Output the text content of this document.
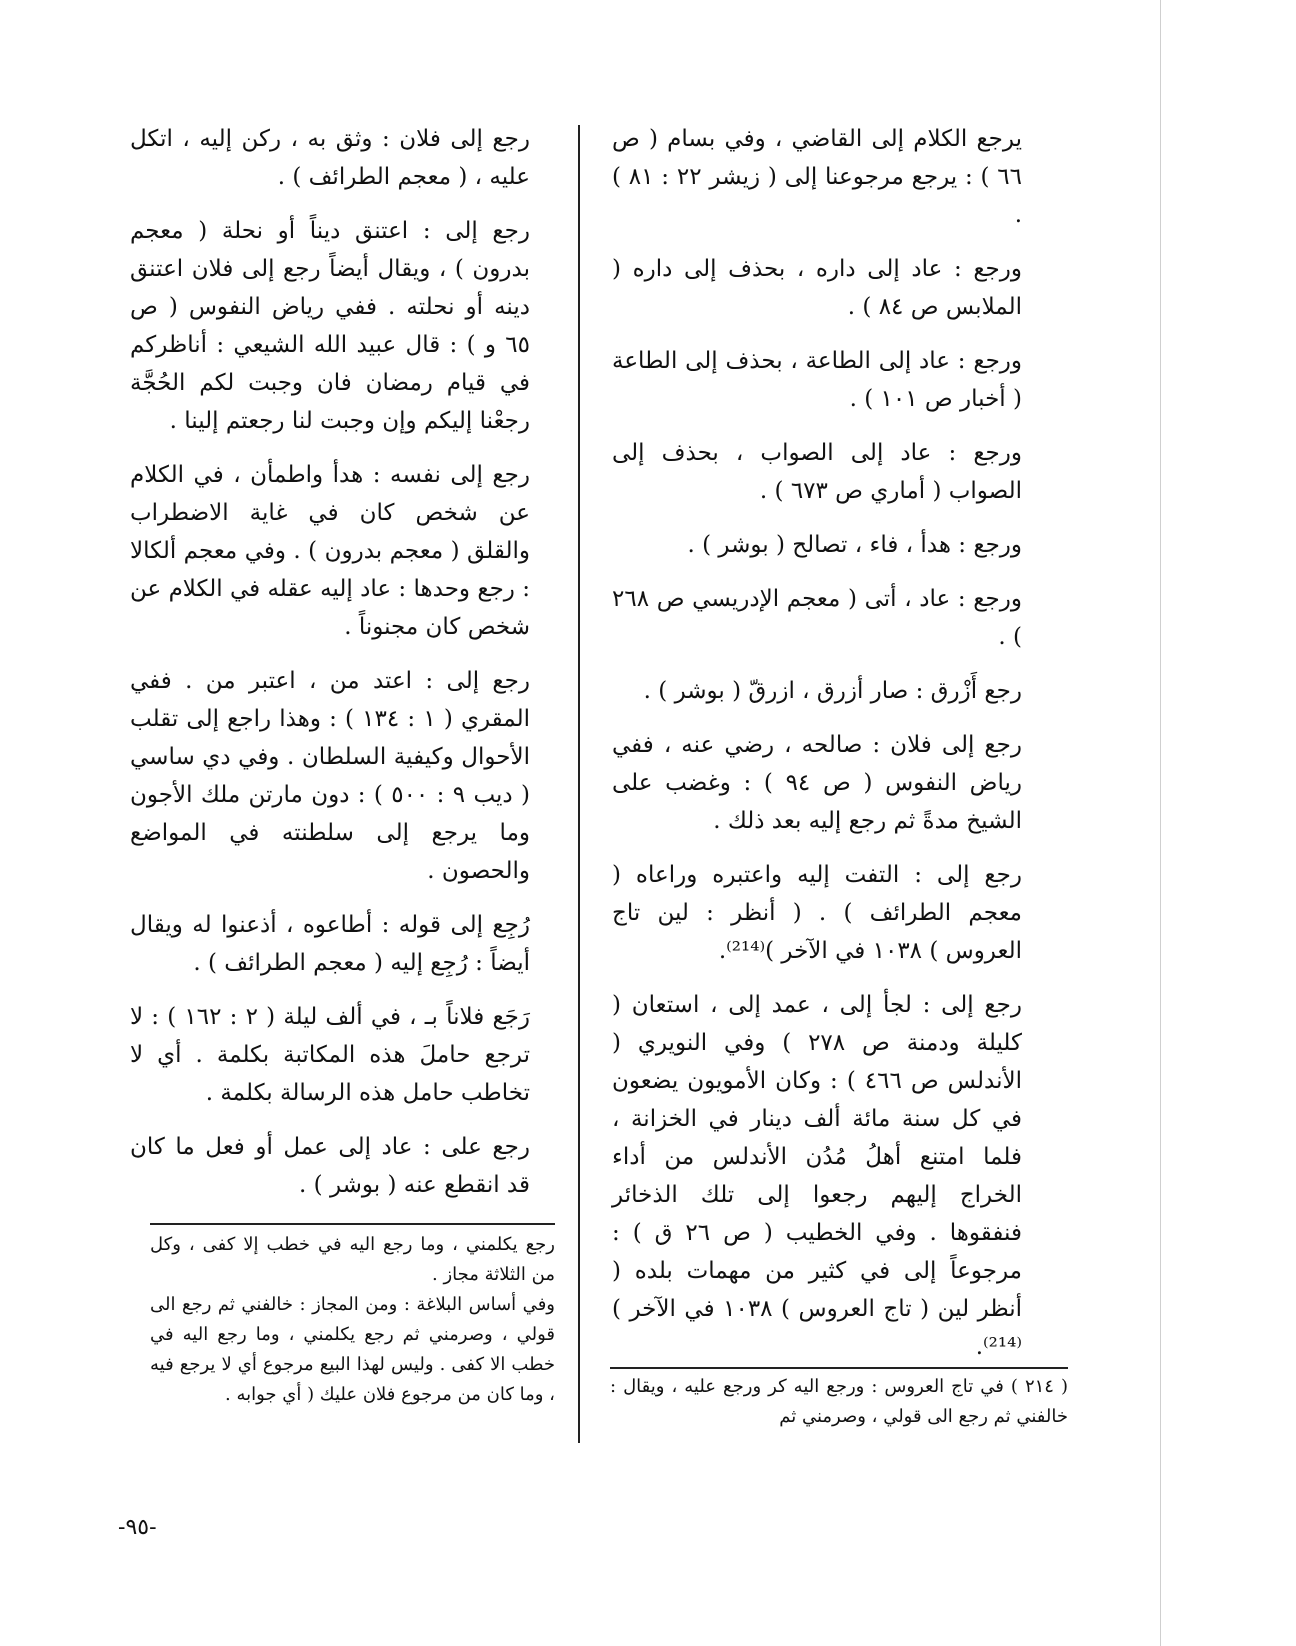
يرجع الكلام إلى القاضي ، وفي بسام ( ص ٦٦ ) : يرجع مرجوعنا إلى ( زيشر ٢٢ : ٨١ ) .

ورجع : عاد إلى داره ، بحذف إلى داره ( الملابس ص ٨٤ ) .

ورجع : عاد إلى الطاعة ، بحذف إلى الطاعة ( أخبار ص ١٠١ ) .

ورجع : عاد إلى الصواب ، بحذف إلى الصواب ( أماري ص ٦٧٣ ) .

ورجع : هدأ ، فاء ، تصالح ( بوشر ) .

ورجع : عاد ، أتى ( معجم الإدريسي ص ٢٦٨ ) .

رجع أَزْرق : صار أزرق ، ازرقّ ( بوشر ) .

رجع إلى فلان : صالحه ، رضي عنه ، ففي رياض النفوس ( ص ٩٤ ) : وغضب على الشيخ مدةً ثم رجع إليه بعد ذلك .

رجع إلى : التفت إليه واعتبره وراعاه ( معجم الطرائف ) . ( أنظر : لين تاج العروس ) ١٠٣٨ في الآخر )⁽²¹⁴⁾.

رجع إلى : لجأ إلى ، عمد إلى ، استعان ( كليلة ودمنة ص ٢٧٨ ) وفي النويري ( الأندلس ص ٤٦٦ ) : وكان الأمويون يضعون في كل سنة مائة ألف دينار في الخزانة ، فلما امتنع أهلُ مُدُن الأندلس من أداء الخراج إليهم رجعوا إلى تلك الذخائر فنفقوها . وفي الخطيب ( ص ٢٦ ق ) : مرجوعاً إلى في كثير من مهمات بلده ( أنظر لين ( تاج العروس ) ١٠٣٨ في الآخر )⁽²¹⁴⁾.

رجع إلى فلان : وثق به ، ركن إليه ، اتكل عليه ، ( معجم الطرائف ) .

رجع إلى : اعتنق ديناً أو نحلة ( معجم بدرون ) ، ويقال أيضاً رجع إلى فلان اعتنق دينه أو نحلته . ففي رياض النفوس ( ص ٦٥ و ) : قال عبيد الله الشيعي : أناظركم في قيام رمضان فان وجبت لكم الحُجَّة رجعْنا إليكم وإن وجبت لنا رجعتم إلينا .

رجع إلى نفسه : هدأ واطمأن ، في الكلام عن شخص كان في غاية الاضطراب والقلق ( معجم بدرون ) . وفي معجم ألكالا : رجع وحدها : عاد إليه عقله في الكلام عن شخص كان مجنوناً .

رجع إلى : اعتد من ، اعتبر من . ففي المقري ( ١ : ١٣٤ ) : وهذا راجع إلى تقلب الأحوال وكيفية السلطان . وفي دي ساسي ( ديب ٩ : ٥٠٠ ) : دون مارتن ملك الأجون وما يرجع إلى سلطنته في المواضع والحصون .

رُجِع إلى قوله : أطاعوه ، أذعنوا له ويقال أيضاً : رُجِع إليه ( معجم الطرائف ) .

رَجَع فلاناً بـ ، في ألف ليلة ( ٢ : ١٦٢ ) : لا ترجع حاملَ هذه المكاتبة بكلمة . أي لا تخاطب حامل هذه الرسالة بكلمة .

رجع على : عاد إلى عمل أو فعل ما كان قد انقطع عنه ( بوشر ) .

رجع يكلمني ، وما رجع اليه في خطب إلا كفى ، وكل من الثلاثة مجاز .

وفي أساس البلاغة : ومن المجاز : خالفني ثم رجع الى قولي ، وصرمني ثم رجع يكلمني ، وما رجع اليه في خطب الا كفى . وليس لهذا البيع مرجوع أي لا يرجع فيه ، وما كان من مرجوع فلان عليك ( أي جوابه .	( ٢١٤ ) في تاج العروس : ورجع اليه كر ورجع عليه ، ويقال : خالفني ثم رجع الى قولي ، وصرمني ثم

-٩٥-
